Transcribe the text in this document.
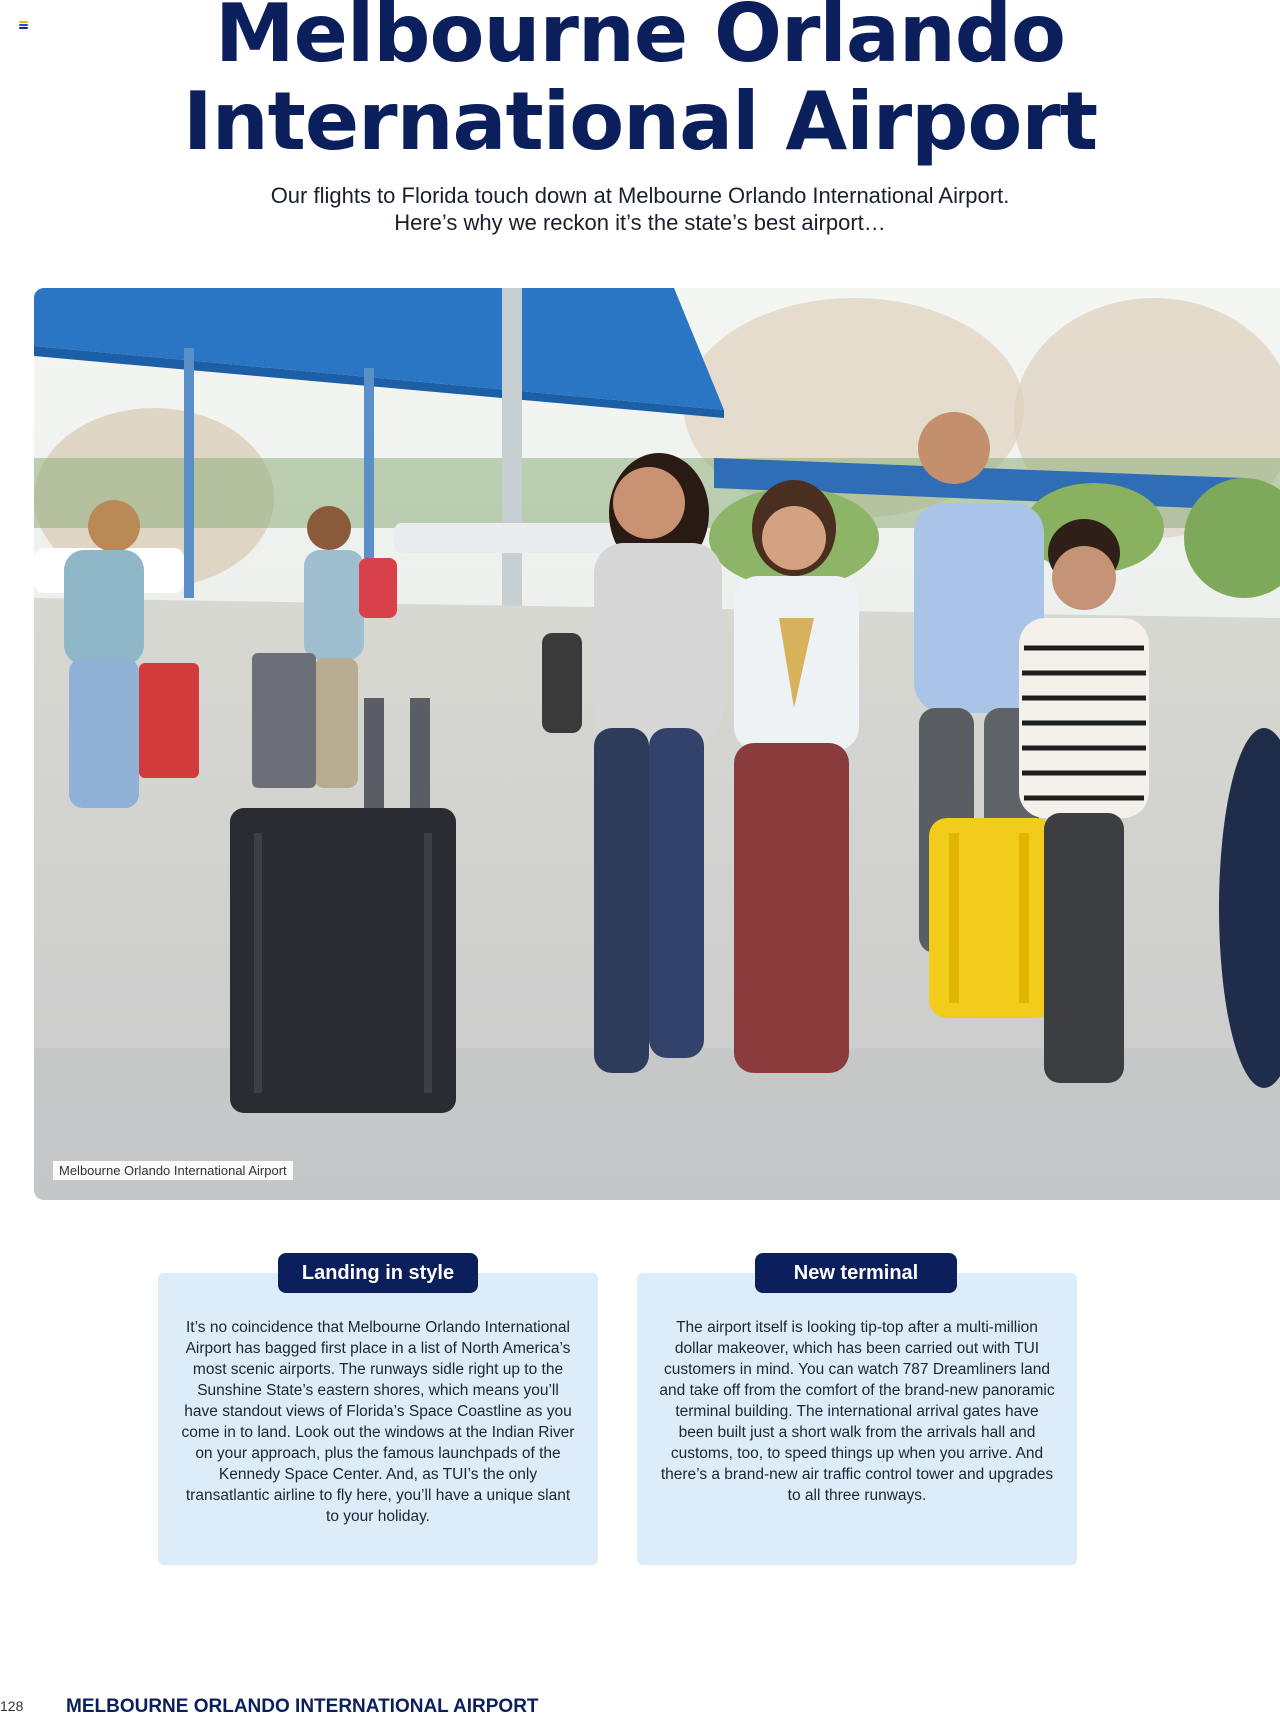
Melbourne Orlando
International Airport

Our flights to Florida touch down at Melbourne Orlando International Airport.
Here’s why we reckon it’s the state’s best airport…

Melbourne Orlando International Airport

It’s no coincidence that Melbourne Orlando International Airport has bagged first place in a list of North America’s most scenic airports. The runways sidle right up to the Sunshine State’s eastern shores, which means you’ll have standout views of Florida’s Space Coastline as you come in to land. Look out the windows at the Indian River on your approach, plus the famous launchpads of the Kennedy Space Center. And, as TUI’s the only transatlantic airline to fly here, you’ll have a unique slant to your holiday.

Landing in style

The airport itself is looking tip-top after a multi-million dollar makeover, which has been carried out with TUI customers in mind. You can watch 787 Dreamliners land and take off from the comfort of the brand-new panoramic terminal building. The international arrival gates have been built just a short walk from the arrivals hall and customs, too, to speed things up when you arrive. And there’s a brand-new air traffic control tower and upgrades to all three runways.

New terminal
128 MELBOURNE ORLANDO INTERNATIONAL AIRPORT
